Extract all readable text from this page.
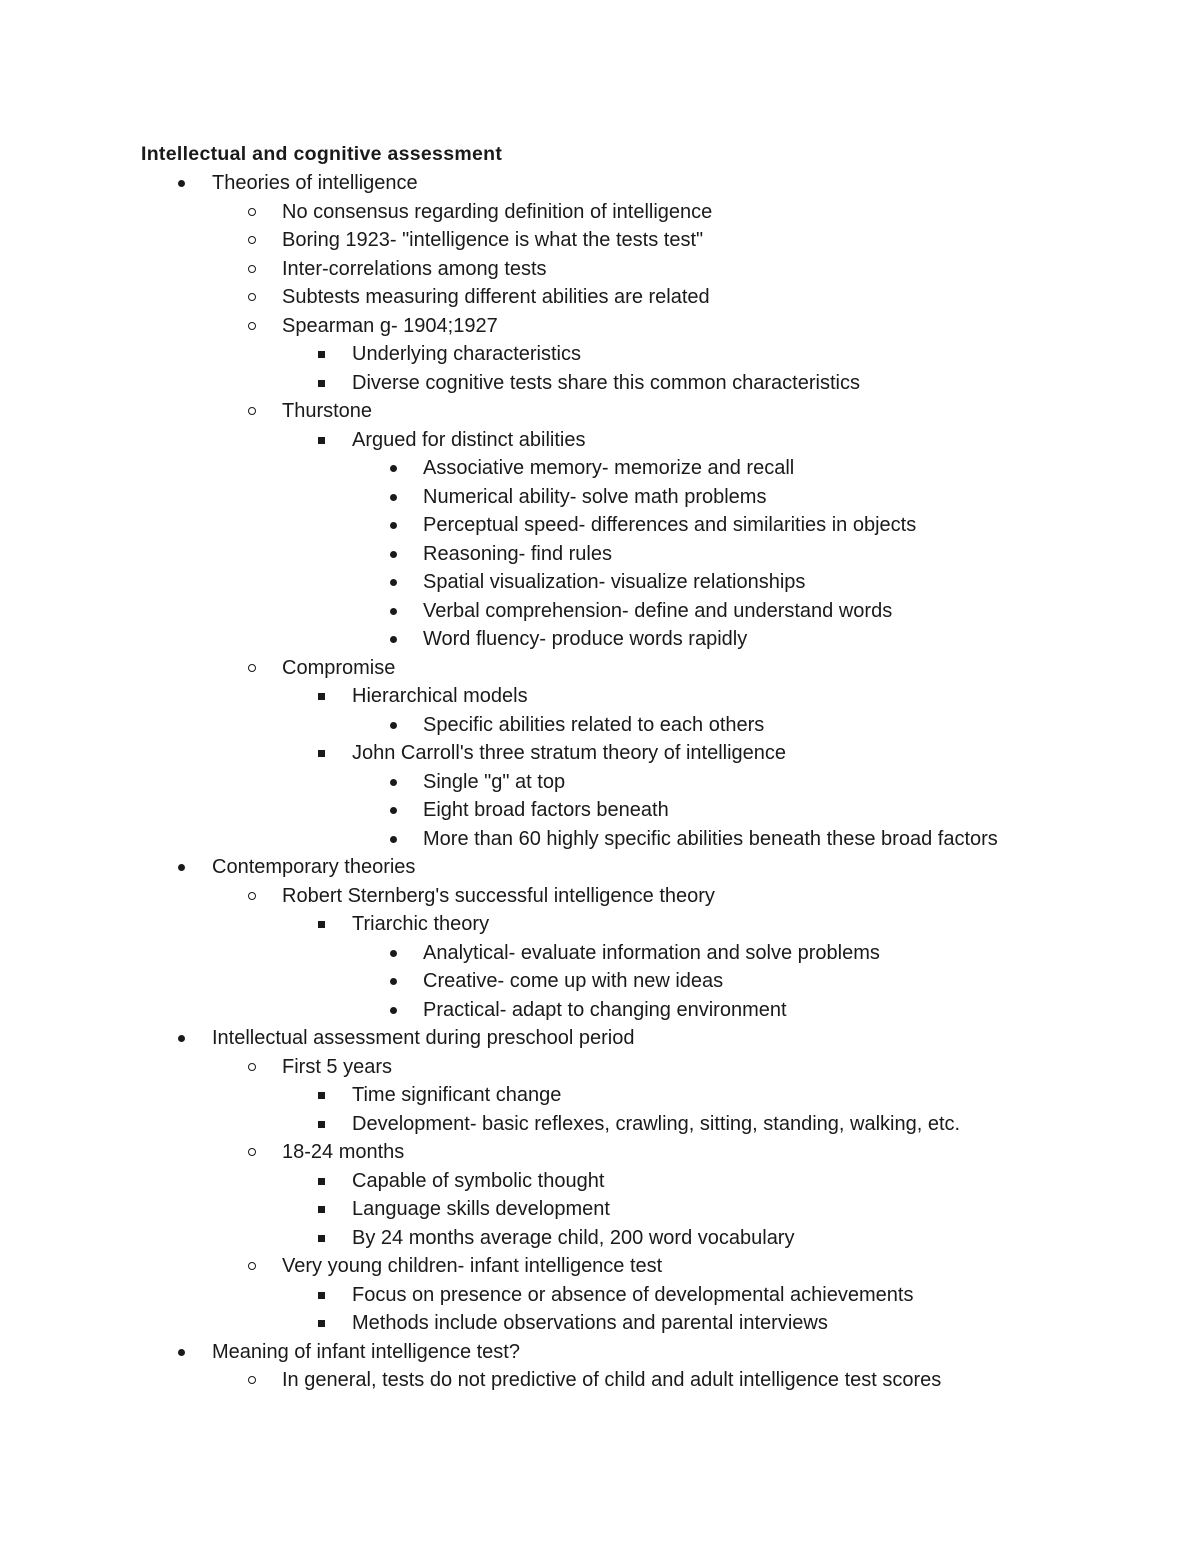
Intellectual and cognitive assessment
Theories of intelligence
No consensus regarding definition of intelligence
Boring 1923- "intelligence is what the tests test"
Inter-correlations among tests
Subtests measuring different abilities are related
Spearman g- 1904;1927
Underlying characteristics
Diverse cognitive tests share this common characteristics
Thurstone
Argued for distinct abilities
Associative memory- memorize and recall
Numerical ability- solve math problems
Perceptual speed- differences and similarities in objects
Reasoning- find rules
Spatial visualization- visualize relationships
Verbal comprehension- define and understand words
Word fluency- produce words rapidly
Compromise
Hierarchical models
Specific abilities related to each others
John Carroll's three stratum theory of intelligence
Single "g" at top
Eight broad factors beneath
More than 60 highly specific abilities beneath these broad factors
Contemporary theories
Robert Sternberg's successful intelligence theory
Triarchic theory
Analytical- evaluate information and solve problems
Creative- come up with new ideas
Practical- adapt to changing environment
Intellectual assessment during preschool period
First 5 years
Time significant change
Development- basic reflexes, crawling, sitting, standing, walking, etc.
18-24 months
Capable of symbolic thought
Language skills development
By 24 months average child, 200 word vocabulary
Very young children- infant intelligence test
Focus on presence or absence of developmental achievements
Methods include observations and parental interviews
Meaning of infant intelligence test?
In general, tests do not predictive of child and adult intelligence test scores
